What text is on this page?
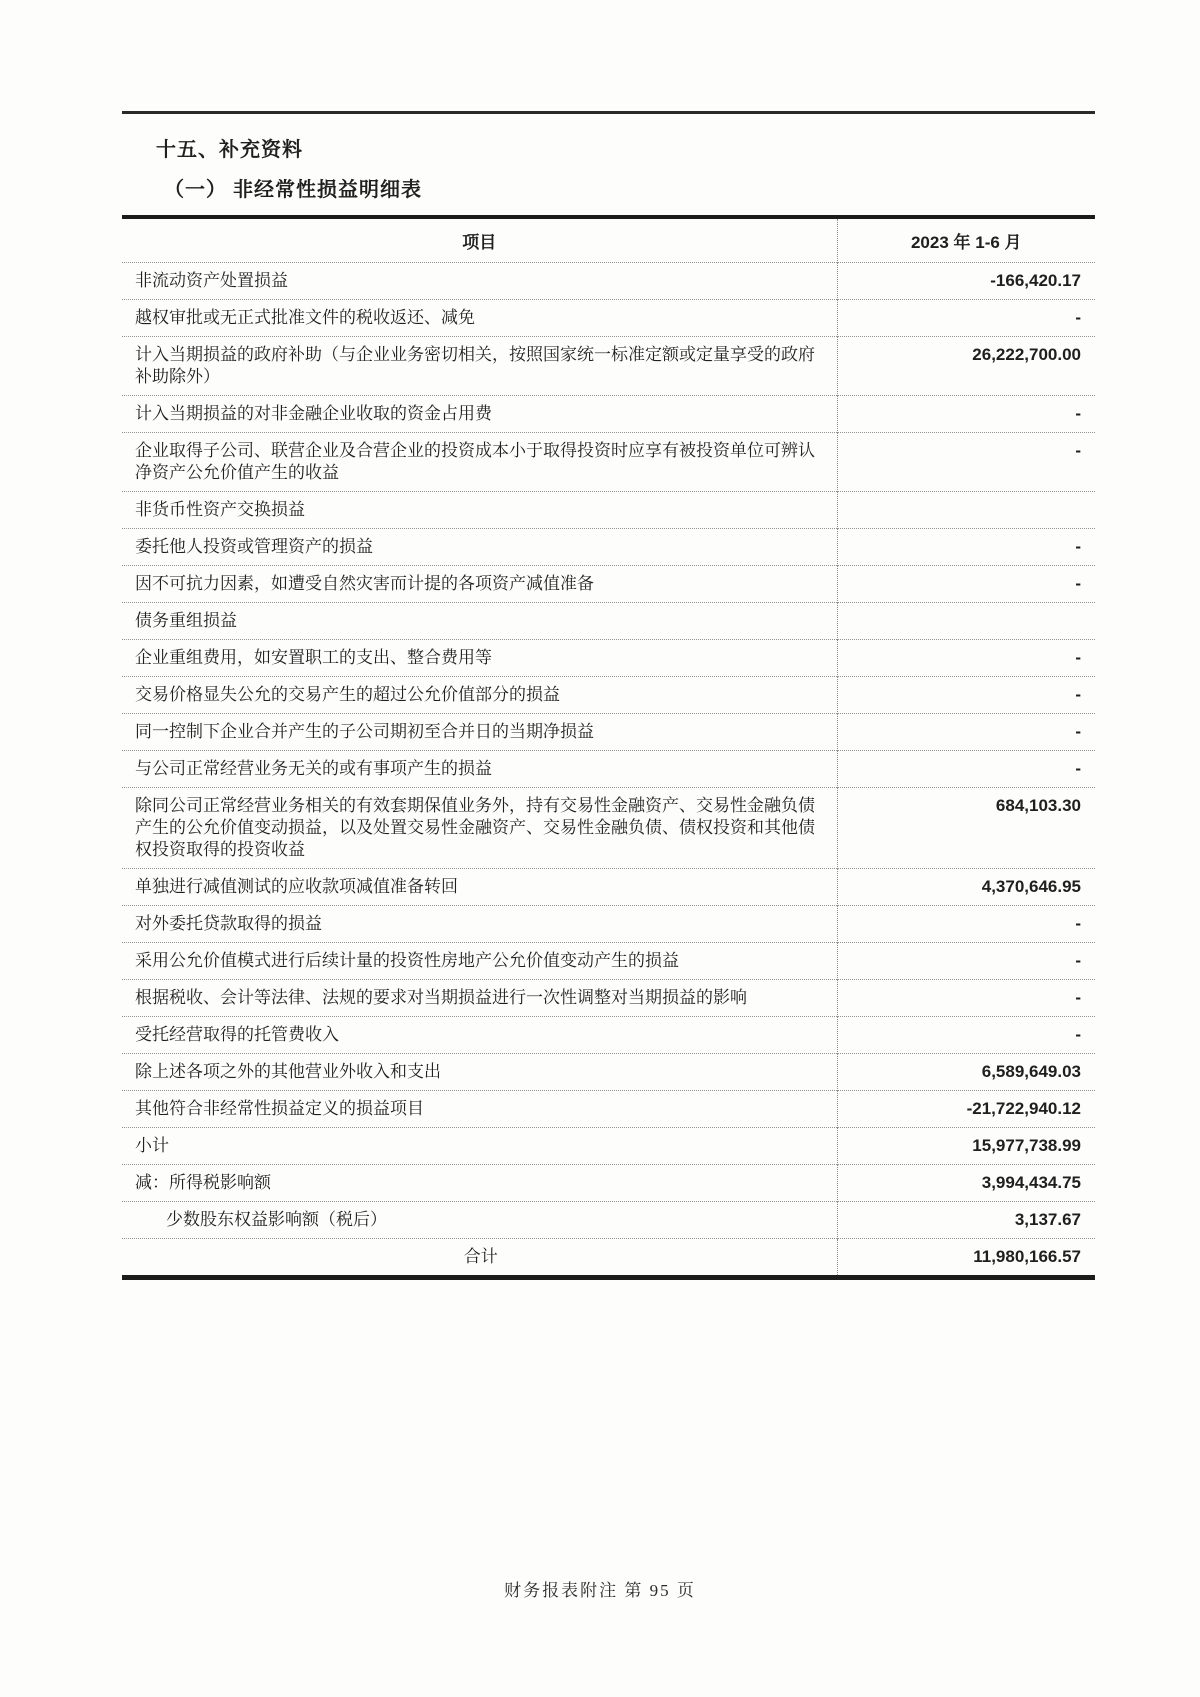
十五、补充资料
（一） 非经常性损益明细表
项目	2023 年 1-6 月
非流动资产处置损益	-166,420.17
越权审批或无正式批准文件的税收返还、减免	-
计入当期损益的政府补助（与企业业务密切相关，按照国家统一标准定额或定量享受的政府补助除外）	26,222,700.00
计入当期损益的对非金融企业收取的资金占用费	-
企业取得子公司、联营企业及合营企业的投资成本小于取得投资时应享有被投资单位可辨认净资产公允价值产生的收益	-
非货币性资产交换损益	
委托他人投资或管理资产的损益	-
因不可抗力因素，如遭受自然灾害而计提的各项资产减值准备	-
债务重组损益	
企业重组费用，如安置职工的支出、整合费用等	-
交易价格显失公允的交易产生的超过公允价值部分的损益	-
同一控制下企业合并产生的子公司期初至合并日的当期净损益	-
与公司正常经营业务无关的或有事项产生的损益	-
除同公司正常经营业务相关的有效套期保值业务外，持有交易性金融资产、交易性金融负债产生的公允价值变动损益，以及处置交易性金融资产、交易性金融负债、债权投资和其他债权投资取得的投资收益	684,103.30
单独进行减值测试的应收款项减值准备转回	4,370,646.95
对外委托贷款取得的损益	-
采用公允价值模式进行后续计量的投资性房地产公允价值变动产生的损益	-
根据税收、会计等法律、法规的要求对当期损益进行一次性调整对当期损益的影响	-
受托经营取得的托管费收入	-
除上述各项之外的其他营业外收入和支出	6,589,649.03
其他符合非经常性损益定义的损益项目	-21,722,940.12
小计	15,977,738.99
减：所得税影响额	3,994,434.75
少数股东权益影响额（税后）	3,137.67
合计	11,980,166.57
财务报表附注 第 95 页
